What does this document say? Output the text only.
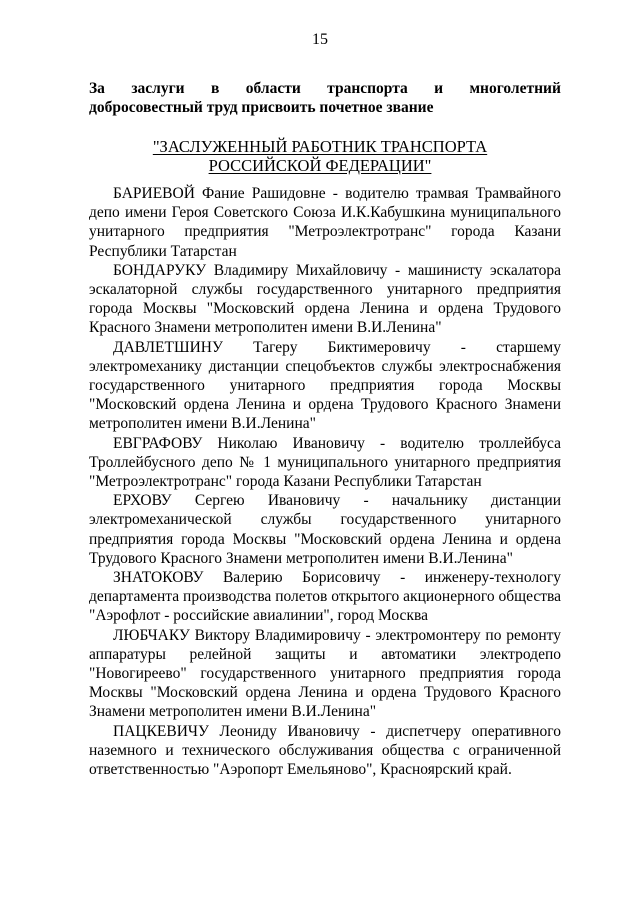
15
За заслуги в области транспорта и многолетний
добросовестный труд присвоить почетное звание
"ЗАСЛУЖЕННЫЙ РАБОТНИК ТРАНСПОРТА
РОССИЙСКОЙ ФЕДЕРАЦИИ"

БАРИЕВОЙ Фание Рашидовне - водителю трамвая Трамвайного депо имени Героя Советского Союза И.К.Кабушкина муниципального унитарного предприятия "Метроэлектротранс" города Казани Республики Татарстан

БОНДАРУКУ Владимиру Михайловичу - машинисту эскалатора эскалаторной службы государственного унитарного предприятия города Москвы "Московский ордена Ленина и ордена Трудового Красного Знамени метрополитен имени В.И.Ленина"

ДАВЛЕТШИНУ Тагеру Биктимеровичу - старшему электромеханику дистанции спецобъектов службы электроснабжения государственного унитарного предприятия города Москвы "Московский ордена Ленина и ордена Трудового Красного Знамени метрополитен имени В.И.Ленина"

ЕВГРАФОВУ Николаю Ивановичу - водителю троллейбуса Троллейбусного депо № 1 муниципального унитарного предприятия "Метроэлектротранс" города Казани Республики Татарстан

ЕРХОВУ Сергею Ивановичу - начальнику дистанции электромеханической службы государственного унитарного предприятия города Москвы "Московский ордена Ленина и ордена Трудового Красного Знамени метрополитен имени В.И.Ленина"

ЗНАТОКОВУ Валерию Борисовичу - инженеру-технологу департамента производства полетов открытого акционерного общества "Аэрофлот - российские авиалинии", город Москва

ЛЮБЧАКУ Виктору Владимировичу - электромонтеру по ремонту аппаратуры релейной защиты и автоматики электродепо "Новогиреево" государственного унитарного предприятия города Москвы "Московский ордена Ленина и ордена Трудового Красного Знамени метрополитен имени В.И.Ленина"

ПАЦКЕВИЧУ Леониду Ивановичу - диспетчеру оперативного наземного и технического обслуживания общества с ограниченной ответственностью "Аэропорт Емельяново", Красноярский край.
